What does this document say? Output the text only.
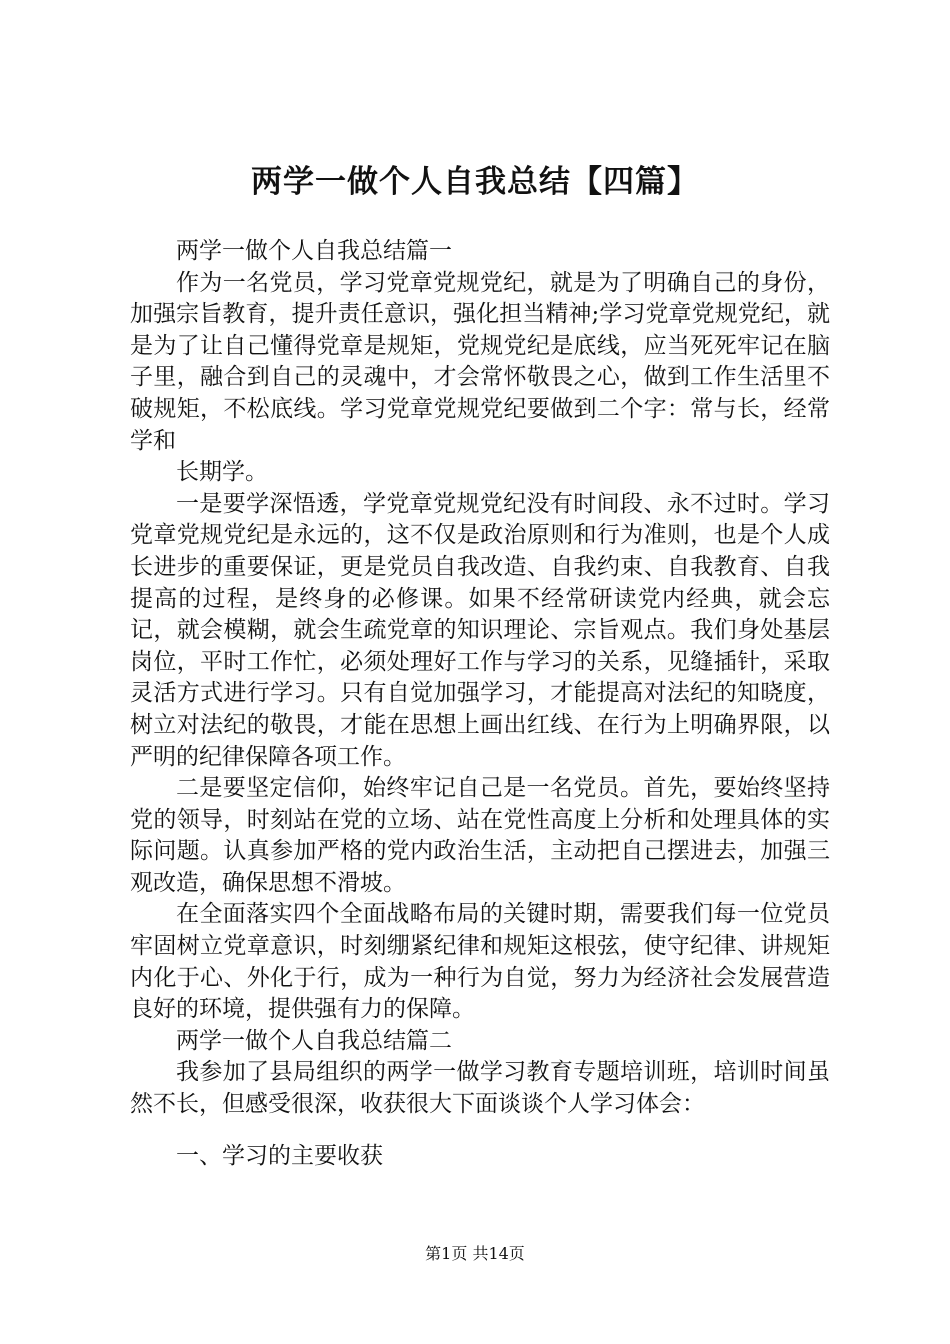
两学一做个人自我总结【四篇】

两学一做个人自我总结篇一

作为一名党员，学习党章党规党纪，就是为了明确自己的身份，加强宗旨教育，提升责任意识，强化担当精神;学习党章党规党纪，就是为了让自己懂得党章是规矩，党规党纪是底线，应当死死牢记在脑子里，融合到自己的灵魂中，才会常怀敬畏之心，做到工作生活里不破规矩，不松底线。学习党章党规党纪要做到二个字：常与长，经常学和

长期学。

一是要学深悟透，学党章党规党纪没有时间段、永不过时。学习党章党规党纪是永远的，这不仅是政治原则和行为准则，也是个人成长进步的重要保证，更是党员自我改造、自我约束、自我教育、自我提高的过程，是终身的必修课。如果不经常研读党内经典，就会忘记，就会模糊，就会生疏党章的知识理论、宗旨观点。我们身处基层岗位，平时工作忙，必须处理好工作与学习的关系，见缝插针，采取灵活方式进行学习。只有自觉加强学习，才能提高对法纪的知晓度，树立对法纪的敬畏，才能在思想上画出红线、在行为上明确界限，以严明的纪律保障各项工作。

二是要坚定信仰，始终牢记自己是一名党员。首先，要始终坚持党的领导，时刻站在党的立场、站在党性高度上分析和处理具体的实际问题。认真参加严格的党内政治生活，主动把自己摆进去，加强三观改造，确保思想不滑坡。

在全面落实四个全面战略布局的关键时期，需要我们每一位党员牢固树立党章意识，时刻绷紧纪律和规矩这根弦，使守纪律、讲规矩内化于心、外化于行，成为一种行为自觉，努力为经济社会发展营造良好的环境，提供强有力的保障。

两学一做个人自我总结篇二

我参加了县局组织的两学一做学习教育专题培训班，培训时间虽然不长，但感受很深，收获很大下面谈谈个人学习体会：

一、学习的主要收获

第1页 共14页
